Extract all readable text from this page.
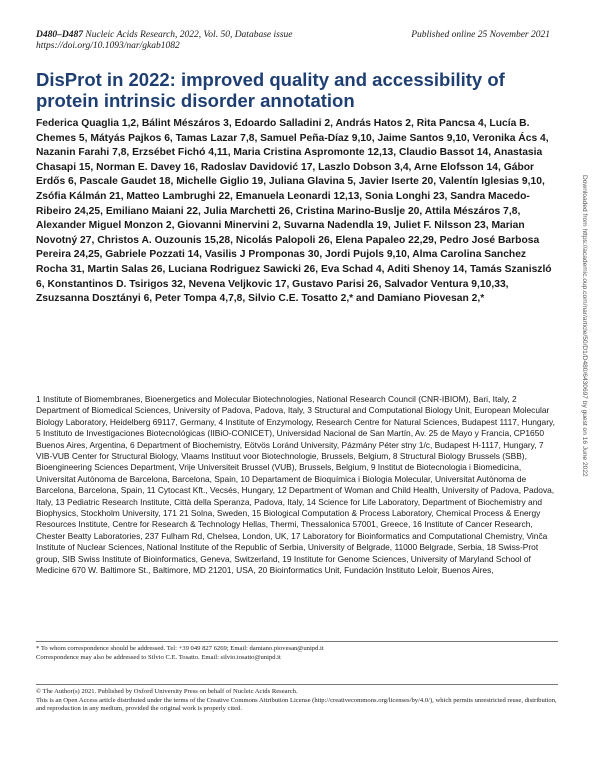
D480–D487 Nucleic Acids Research, 2022, Vol. 50, Database issue
https://doi.org/10.1093/nar/gkab1082
Published online 25 November 2021
DisProt in 2022: improved quality and accessibility of protein intrinsic disorder annotation
Federica Quaglia 1,2, Bálint Mészáros 3, Edoardo Salladini 2, András Hatos 2, Rita Pancsa 4, Lucía B. Chemes 5, Mátyás Pajkos 6, Tamas Lazar 7,8, Samuel Peña-Díaz 9,10, Jaime Santos 9,10, Veronika Ács 4, Nazanin Farahi 7,8, Erzsébet Fichó 4,11, Maria Cristina Aspromonte 12,13, Claudio Bassot 14, Anastasia Chasapi 15, Norman E. Davey 16, Radoslav Davidović 17, Laszlo Dobson 3,4, Arne Elofsson 14, Gábor Erdős 6, Pascale Gaudet 18, Michelle Giglio 19, Juliana Glavina 5, Javier Iserte 20, Valentín Iglesias 9,10, Zsófia Kálmán 21, Matteo Lambrughi 22, Emanuela Leonardi 12,13, Sonia Longhi 23, Sandra Macedo-Ribeiro 24,25, Emiliano Maiani 22, Julia Marchetti 26, Cristina Marino-Buslje 20, Attila Mészáros 7,8, Alexander Miguel Monzon 2, Giovanni Minervini 2, Suvarna Nadendla 19, Juliet F. Nilsson 23, Marian Novotný 27, Christos A. Ouzounis 15,28, Nicolás Palopoli 26, Elena Papaleo 22,29, Pedro José Barbosa Pereira 24,25, Gabriele Pozzati 14, Vasilis J Promponas 30, Jordi Pujols 9,10, Alma Carolina Sanchez Rocha 31, Martin Salas 26, Luciana Rodriguez Sawicki 26, Eva Schad 4, Aditi Shenoy 14, Tamás Szaniszló 6, Konstantinos D. Tsirigos 32, Nevena Veljkovic 17, Gustavo Parisi 26, Salvador Ventura 9,10,33, Zsuzsanna Dosztányi 6, Peter Tompa 4,7,8, Silvio C.E. Tosatto 2,* and Damiano Piovesan 2,*
1 Institute of Biomembranes, Bioenergetics and Molecular Biotechnologies, National Research Council (CNR-IBIOM), Bari, Italy, 2 Department of Biomedical Sciences, University of Padova, Padova, Italy, 3 Structural and Computational Biology Unit, European Molecular Biology Laboratory, Heidelberg 69117, Germany, 4 Institute of Enzymology, Research Centre for Natural Sciences, Budapest 1117, Hungary, 5 Instituto de Investigaciones Biotecnológicas (IIBiO-CONICET), Universidad Nacional de San Martín, Av. 25 de Mayo y Francia, CP1650 Buenos Aires, Argentina, 6 Department of Biochemistry, Eötvös Loránd University, Pázmány Péter stny 1/c, Budapest H-1117, Hungary, 7 VIB-VUB Center for Structural Biology, Vlaams Instituut voor Biotechnologie, Brussels, Belgium, 8 Structural Biology Brussels (SBB), Bioengineering Sciences Department, Vrije Universiteit Brussel (VUB), Brussels, Belgium, 9 Institut de Biotecnologia i Biomedicina, Universitat Autònoma de Barcelona, Barcelona, Spain, 10 Departament de Bioquímica i Biologia Molecular, Universitat Autònoma de Barcelona, Barcelona, Spain, 11 Cytocast Kft., Vecsés, Hungary, 12 Department of Woman and Child Health, University of Padova, Padova, Italy, 13 Pediatric Research Institute, Città della Speranza, Padova, Italy, 14 Science for Life Laboratory, Department of Biochemistry and Biophysics, Stockholm University, 171 21 Solna, Sweden, 15 Biological Computation & Process Laboratory, Chemical Process & Energy Resources Institute, Centre for Research & Technology Hellas, Thermi, Thessalonica 57001, Greece, 16 Institute of Cancer Research, Chester Beatty Laboratories, 237 Fulham Rd, Chelsea, London, UK, 17 Laboratory for Bioinformatics and Computational Chemistry, Vinča Institute of Nuclear Sciences, National Institute of the Republic of Serbia, University of Belgrade, 11000 Belgrade, Serbia, 18 Swiss-Prot group, SIB Swiss Institute of Bioinformatics, Geneva, Switzerland, 19 Institute for Genome Sciences, University of Maryland School of Medicine 670 W. Baltimore St., Baltimore, MD 21201, USA, 20 Bioinformatics Unit, Fundación Instituto Leloir, Buenos Aires,
* To whom correspondence should be addressed. Tel: +39 049 827 6269; Email: damiano.piovesan@unipd.it
Correspondence may also be addressed to Silvio C.E. Tosatto. Email: silvio.tosatto@unipd.it
© The Author(s) 2021. Published by Oxford University Press on behalf of Nucleic Acids Research.
This is an Open Access article distributed under the terms of the Creative Commons Attribution License (http://creativecommons.org/licenses/by/4.0/), which permits unrestricted reuse, distribution, and reproduction in any medium, provided the original work is properly cited.
Downloaded from https://academic.oup.com/nar/article/50/D1/D480/6430697 by guest on 16 June 2022
